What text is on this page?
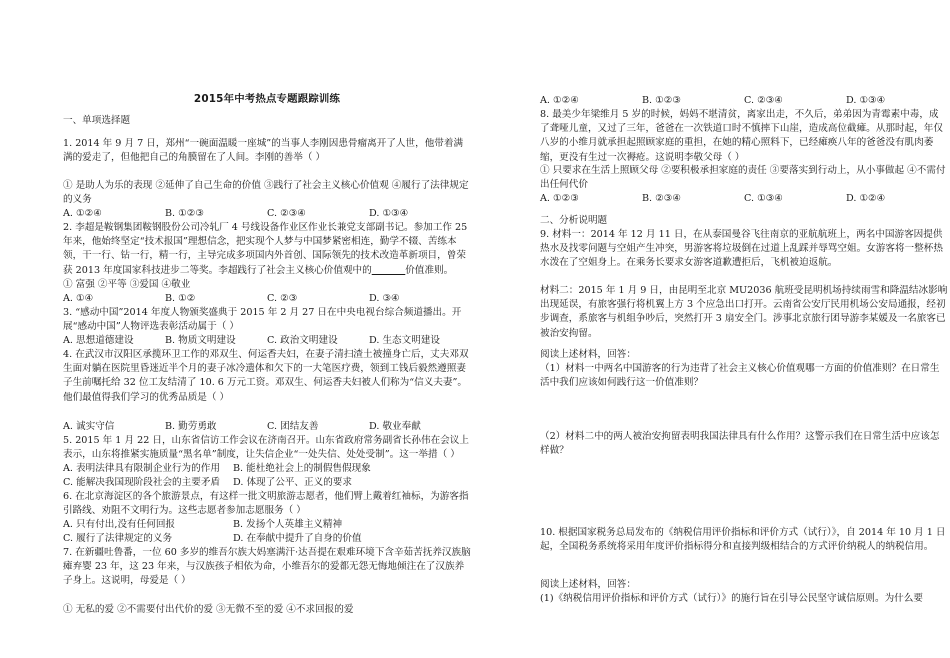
2015年中考热点专题跟踪训练
一、单项选择题
1. 2014 年 9 月 7 日，郑州“一碗面温暖一座城”的当事人李刚因患骨瘤离开了人世，他带着满满的爱走了，但他把自己的角膜留在了人间。李刚的善举（ ）
① 是助人为乐的表现 ②延伸了自己生命的价值 ③践行了社会主义核心价值观 ④履行了法律规定的义务
A. ①②④	B. ①②③	C. ②③④	D. ①③④
2. 李超是鞍钢集团鞍钢股份公司冷轧厂 4 号线设备作业区作业长兼党支部副书记。参加工作 25 年来，他始终坚定“技术报国”理想信念，把实现个人梦与中国梦紧密相连，勤学不辍、苦练本领，干一行、钻一行，精一行，主导完成多项国内外首创、国际领先的技术改造革新项目，曾荣获 2013 年度国家科技进步二等奖。李超践行了社会主义核心价值观中的	价值准则。
① 富强 ②平等 ③爱国 ④敬业
A. ①④	B. ①②	C. ②③	D. ③④
3. “感动中国”2014 年度人物颁奖盛典于 2015 年 2 月 27 日在中央电视台综合频道播出。开展“感动中国”人物评选表彰活动属于（ ）
A. 思想道德建设	B. 物质文明建设	C. 政治文明建设	D. 生态文明建设
4. 在武汉市汉阳区承揽环卫工作的邓双生、何运香夫妇，在妻子清扫渣土被撞身亡后，丈夫邓双生面对躺在医院里昏迷近半个月的妻子冰冷遗体和欠下的一大笔医疗费，领到工钱后毅然遵照妻子生前嘱托给 32 位工友结清了 10. 6 万元工资。邓双生、何运香夫妇被人们称为“信义夫妻”。他们最值得我们学习的优秀品质是（ ）
A. 诚实守信	B. 勤劳勇敢	C. 团结友善	D. 敬业奉献
5. 2015 年 1 月 22 日，山东省信访工作会议在济南召开。山东省政府常务副省长孙伟在会议上表示，山东将推紧实施质量“黑名单”制度，让失信企业“一处失信、处处受制”。这一举措（ ）
A. 表明法律具有限制企业行为的作用	B. 能杜绝社会上的制假售假现象
C. 能解决我国现阶段社会的主要矛盾	D. 体现了公平、正义的要求
6. 在北京海淀区的各个旅游景点，有这样一批文明旅游志愿者，他们臂上戴着红袖标，为游客指引路线、劝阻不文明行为。这些志愿者参加志愿服务（ ）
A. 只有付出,没有任何回报	B. 发扬个人英雄主义精神
C. 履行了法律规定的义务	D. 在奉献中提升了自身的价值
7. 在新疆吐鲁番，一位 60 多岁的维吾尔族大妈塞满汗·达吾提在艰难环境下含辛茹苦抚养汉族脑瘫弃婴 23 年，这 23 年来，与汉族孩子相依为命，小维吾尔的爱都无怨无悔地倾注在了汉族养子身上。这说明，母爱是（ ）
① 无私的爱 ②不需要付出代价的爱 ③无微不至的爱 ④不求回报的爱
A. ①②④	B. ①②③	C. ②③④	D. ①③④
8. 最美少年梁维月 5 岁的时候，妈妈不堪清贫，离家出走，不久后，弟弟因为青霉素中毒，成了聋哑儿童，又过了三年，爸爸在一次铁道口时不慎摔下山崖，造成高位截瘫。从那时起，年仅八岁的小维月就承担起照顾家庭的重担，在她的精心照料下，已经瘫痪八年的爸爸没有肌肉萎缩，更没有生过一次褥疮。这说明李敬父母（ ）
① 只要求在生活上照顾父母 ②要积极承担家庭的责任 ③要落实到行动上，从小事做起 ④不需付出任何代价
A. ①②③	B. ②③④	C. ①③④	D. ①②④
二、分析说明题
9. 材料一：2014 年 12 月 11 日，在从泰国曼谷飞往南京的亚航航班上，两名中国游客因提供热水及找零问题与空姐产生冲突，男游客将垃圾倒在过道上乱踩并辱骂空姐。女游客将一整杯热水泼在了空姐身上。在乘务长要求女游客道歉遭拒后，飞机被迫返航。
材料二：2015 年 1 月 9 日，由昆明至北京 MU2036 航班受昆明机场持续雨雪和降温结冰影响出现延误，有旅客强行将机翼上方 3 个应急出口打开。云南省公安厅民用机场公安局通报，经初步调查，系旅客与机组争吵后，突然打开 3 扇安全门。涉事北京旅行团导游李某媛及一名旅客已被治安拘留。
阅读上述材料，回答：
（1）材料一中两名中国游客的行为违背了社会主义核心价值观哪一方面的价值准则？在日常生活中我们应该如何践行这一价值准则？
（2）材料二中的两人被治安拘留表明我国法律具有什么作用？这警示我们在日常生活中应该怎样做？
10. 根据国家税务总局发布的《纳税信用评价指标和评价方式（试行）》，自 2014 年 10 月 1 日起，全国税务系统将采用年度评价指标得分和直接判级相结合的方式评价纳税人的纳税信用。
阅读上述材料，回答：
(1)《纳税信用评价指标和评价方式（试行）》的施行旨在引导公民坚守诚信原则。为什么要
